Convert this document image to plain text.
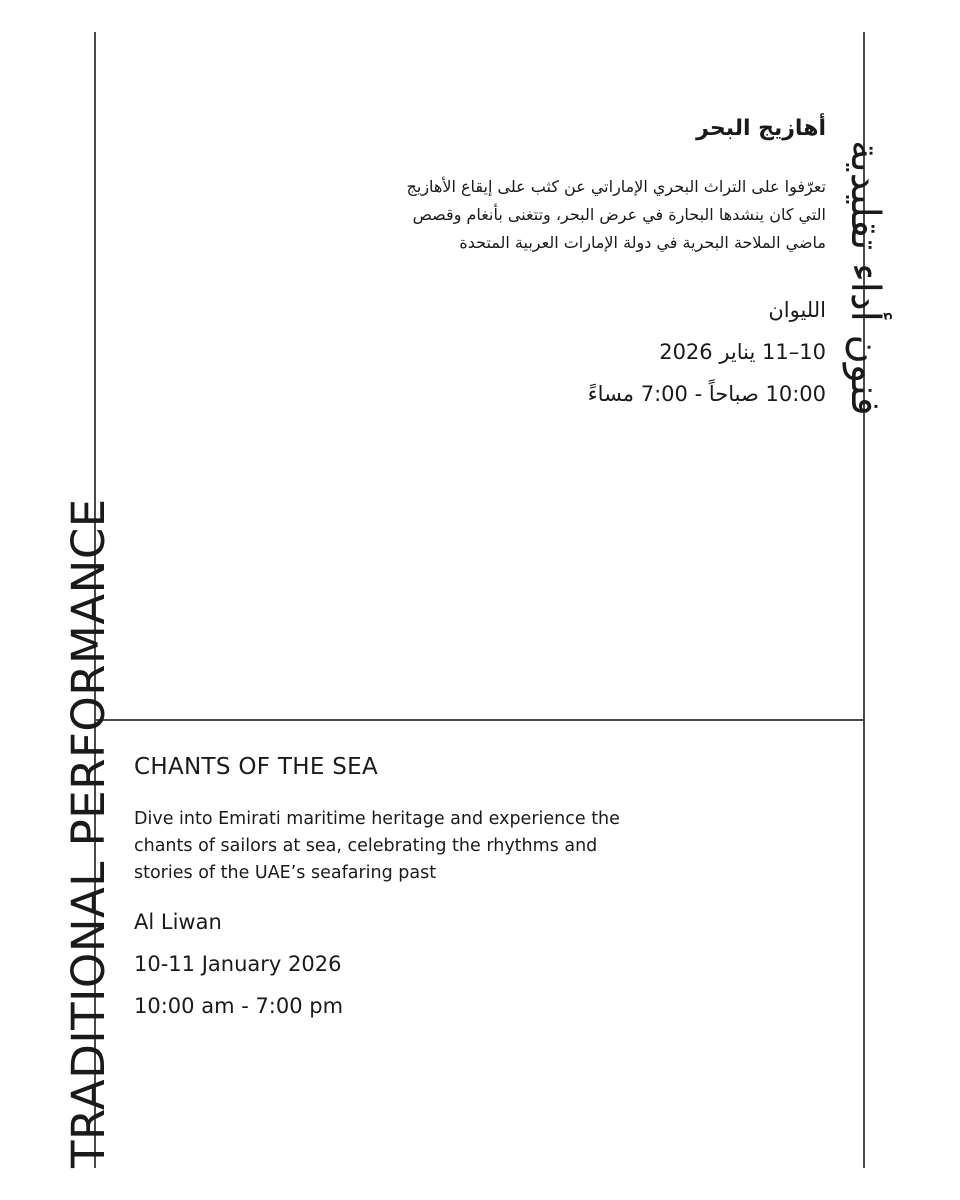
TRADITIONAL PERFORMANCE
فنون أداء تقليدية
أهازيج البحر

تعرّفوا على التراث البحري الإماراتي عن كثب على إيقاع الأهازيج
التي كان ينشدها البحارة في عرض البحر، وتتغنى بأنغام وقصص
ماضي الملاحة البحرية في دولة الإمارات العربية المتحدة

الليوان

10–11 يناير 2026

10:00 صباحاً - 7:00 مساءً

CHANTS OF THE SEA

Dive into Emirati maritime heritage and experience the
chants of sailors at sea, celebrating the rhythms and
stories of the UAE’s seafaring past

Al Liwan

10-11 January 2026

10:00 am - 7:00 pm
